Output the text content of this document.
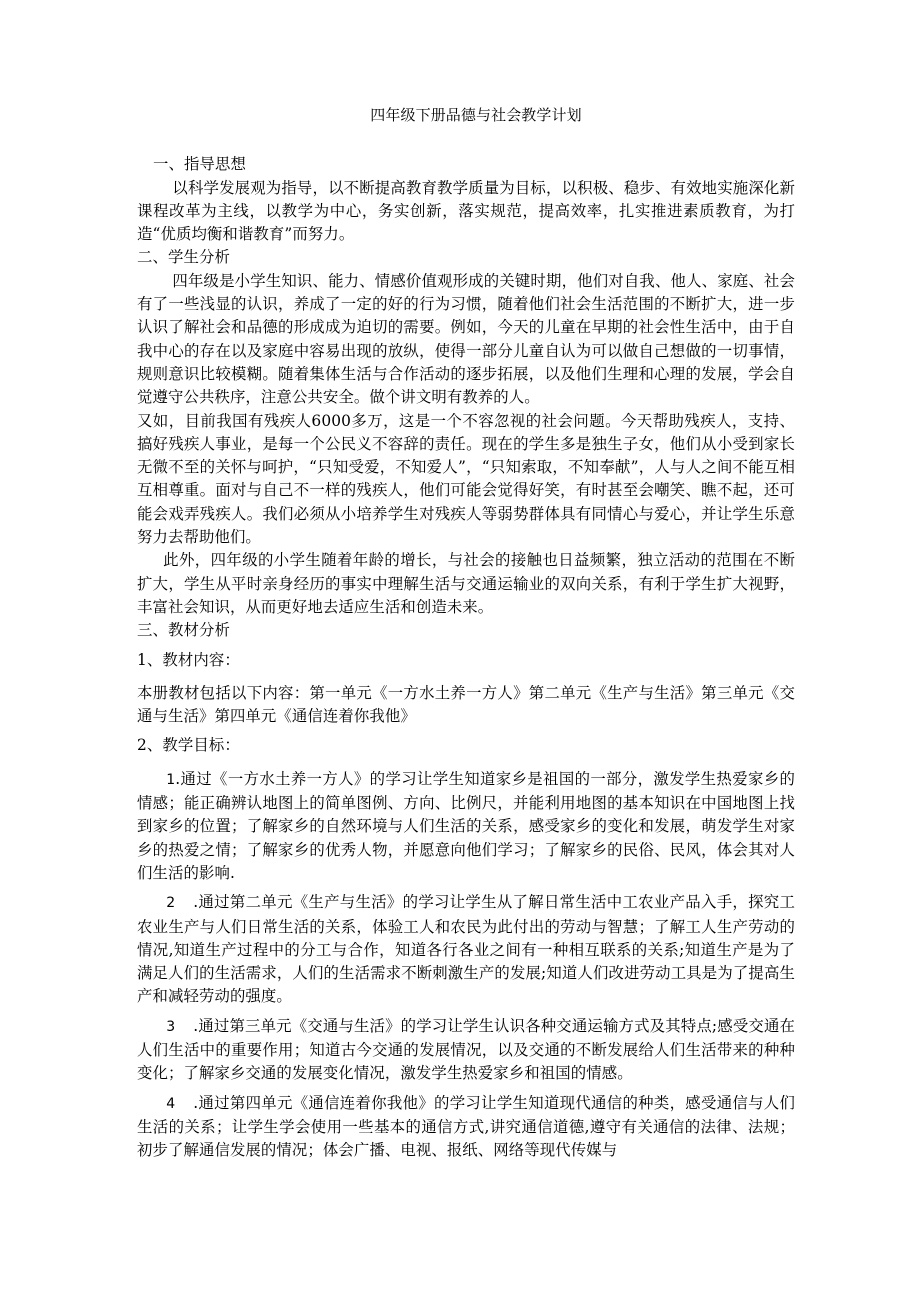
四年级下册品德与社会教学计划

一、指导思想

以科学发展观为指导，以不断提高教育教学质量为目标，以积极、稳步、有效地实施深化新课程改革为主线，以教学为中心，务实创新，落实规范，提高效率，扎实推进素质教育，为打造“优质均衡和谐教育”而努力。

二、学生分析

四年级是小学生知识、能力、情感价值观形成的关键时期，他们对自我、他人、家庭、社会有了一些浅显的认识，养成了一定的好的行为习惯，随着他们社会生活范围的不断扩大，进一步认识了解社会和品德的形成成为迫切的需要。例如，今天的儿童在早期的社会性生活中，由于自我中心的存在以及家庭中容易出现的放纵，使得一部分儿童自认为可以做自己想做的一切事情，规则意识比较模糊。随着集体生活与合作活动的逐步拓展，以及他们生理和心理的发展，学会自觉遵守公共秩序，注意公共安全。做个讲文明有教养的人。

又如，目前我国有残疾人6000多万，这是一个不容忽视的社会问题。今天帮助残疾人，支持、搞好残疾人事业，是每一个公民义不容辞的责任。现在的学生多是独生子女，他们从小受到家长无微不至的关怀与呵护，“只知受爱，不知爱人”，“只知索取，不知奉献”，人与人之间不能互相互相尊重。面对与自己不一样的残疾人，他们可能会觉得好笑，有时甚至会嘲笑、瞧不起，还可能会戏弄残疾人。我们必须从小培养学生对残疾人等弱势群体具有同情心与爱心，并让学生乐意努力去帮助他们。

此外，四年级的小学生随着年龄的增长，与社会的接触也日益频繁，独立活动的范围在不断扩大，学生从平时亲身经历的事实中理解生活与交通运输业的双向关系，有利于学生扩大视野，丰富社会知识，从而更好地去适应生活和创造未来。

三、教材分析

1、教材内容：

本册教材包括以下内容：第一单元《一方水土养一方人》第二单元《生产与生活》第三单元《交通与生活》第四单元《通信连着你我他》

2、教学目标：

1.通过《一方水土养一方人》的学习让学生知道家乡是祖国的一部分，激发学生热爱家乡的情感；能正确辨认地图上的简单图例、方向、比例尺，并能利用地图的基本知识在中国地图上找到家乡的位置；了解家乡的自然环境与人们生活的关系，感受家乡的变化和发展，萌发学生对家乡的热爱之情；了解家乡的优秀人物，并愿意向他们学习；了解家乡的民俗、民风，体会其对人们生活的影响.

2 .通过第二单元《生产与生活》的学习让学生从了解日常生活中工农业产品入手，探究工农业生产与人们日常生活的关系，体验工人和农民为此付出的劳动与智慧；了解工人生产劳动的情况,知道生产过程中的分工与合作，知道各行各业之间有一种相互联系的关系;知道生产是为了满足人们的生活需求，人们的生活需求不断刺激生产的发展;知道人们改进劳动工具是为了提高生产和减轻劳动的强度。

3 .通过第三单元《交通与生活》的学习让学生认识各种交通运输方式及其特点;感受交通在人们生活中的重要作用；知道古今交通的发展情况，以及交通的不断发展给人们生活带来的种种变化；了解家乡交通的发展变化情况，激发学生热爱家乡和祖国的情感。

4 .通过第四单元《通信连着你我他》的学习让学生知道现代通信的种类，感受通信与人们生活的关系；让学生学会使用一些基本的通信方式,讲究通信道德,遵守有关通信的法律、法规；初步了解通信发展的情况；体会广播、电视、报纸、网络等现代传媒与
